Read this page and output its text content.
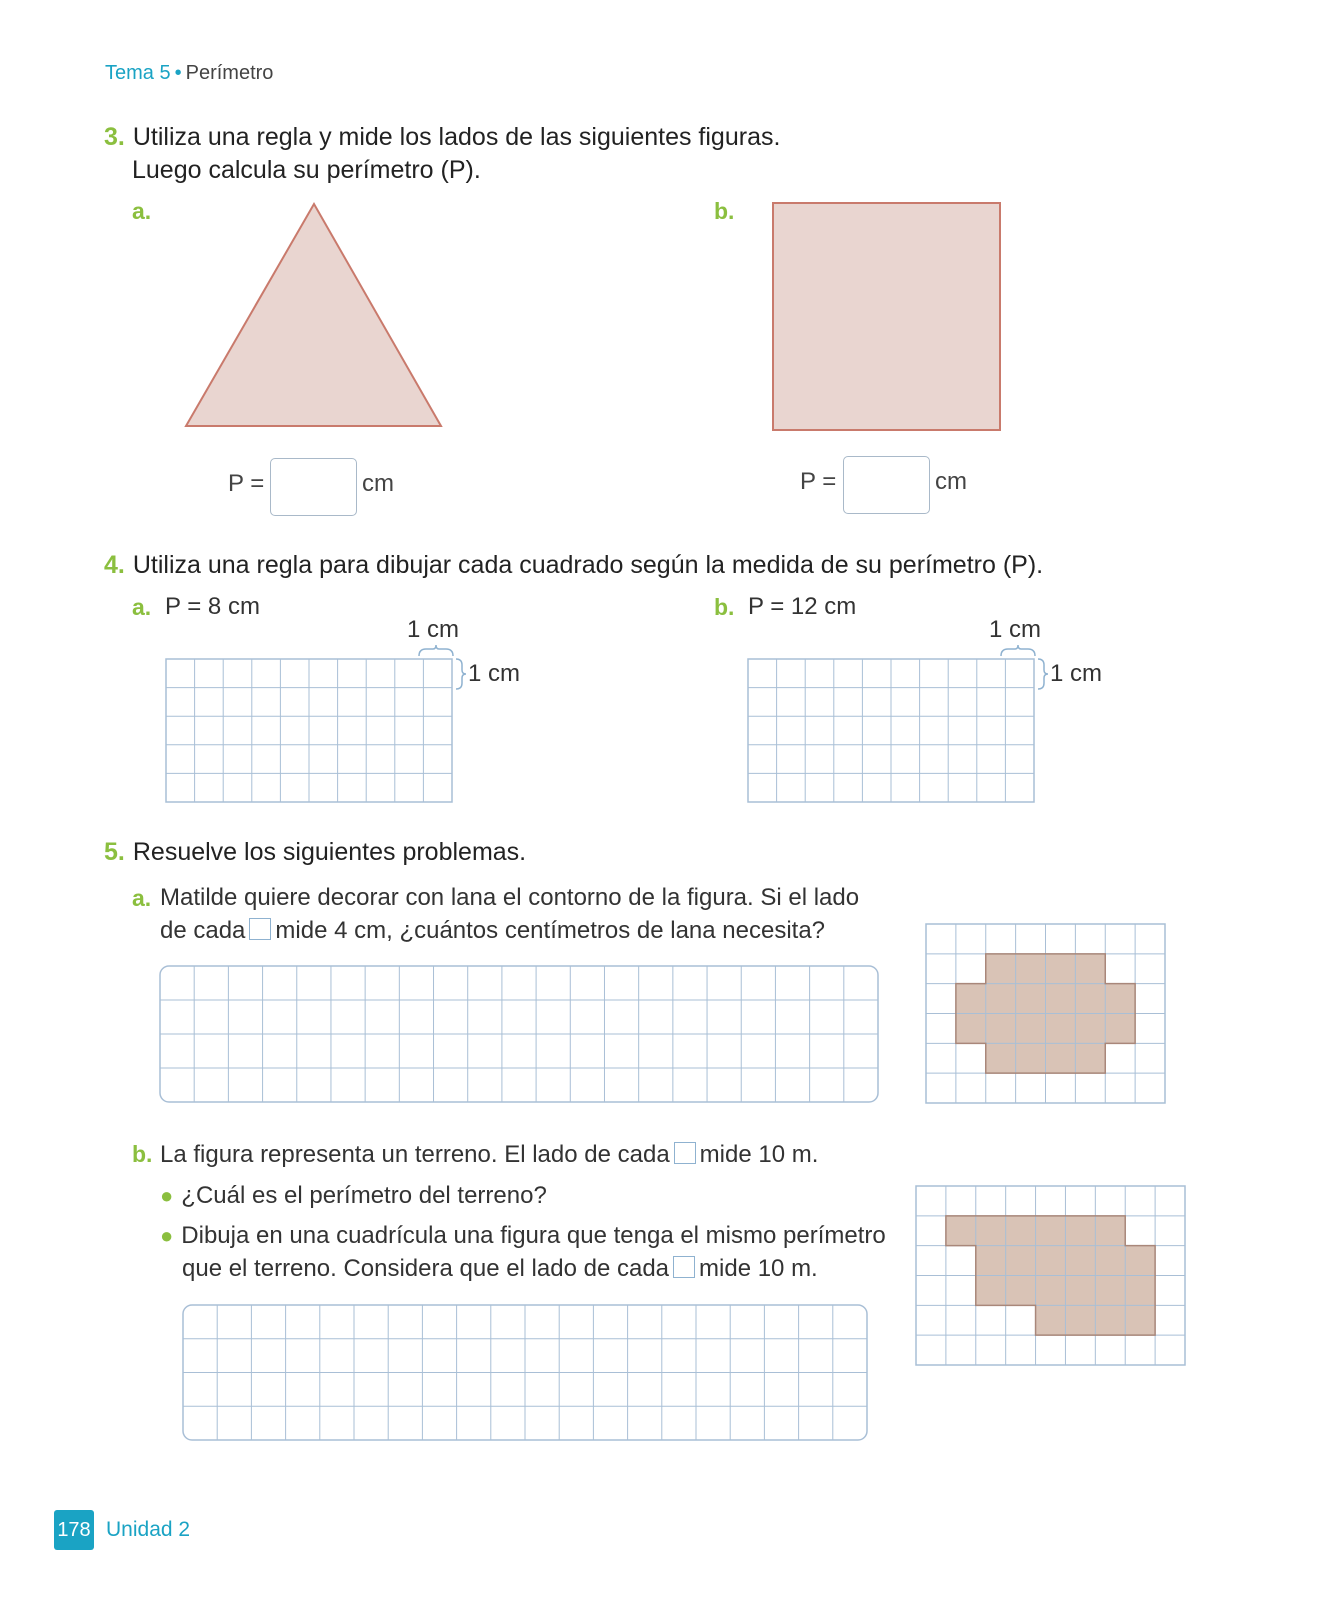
Tema 5 • Perímetro
3. Utiliza una regla y mide los lados de las siguientes figuras.
Luego calcula su perímetro (P).
a.	b.
P =	cm	P =	cm
4. Utiliza una regla para dibujar cada cuadrado según la medida de su perímetro (P).
a. P = 8 cm
1 cm
1 cm
b. P = 12 cm
1 cm
1 cm
5. Resuelve los siguientes problemas.
a. Matilde quiere decorar con lana el contorno de la figura. Si el lado
de cada mide 4 cm, ¿cuántos centímetros de lana necesita?
b. La figura representa un terreno. El lado de cada mide 10 m.
● ¿Cuál es el perímetro del terreno?
● Dibuja en una cuadrícula una figura que tenga el mismo perímetro
que el terreno. Considera que el lado de cada mide 10 m.
178 Unidad 2
